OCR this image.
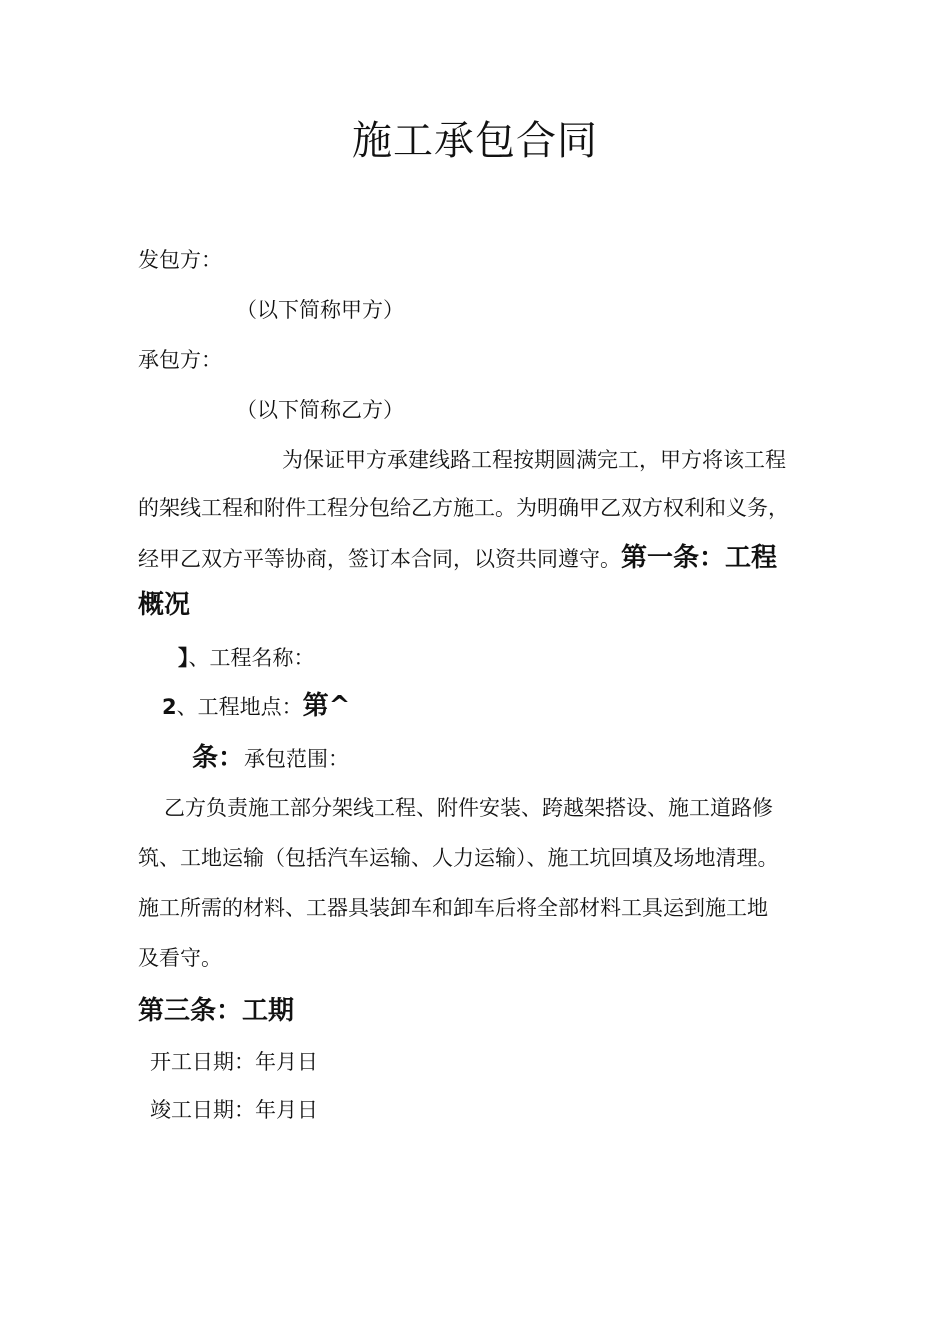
施工承包合同
发包方：
（以下简称甲方）
承包方：
（以下简称乙方）
为保证甲方承建线路工程按期圆满完工，甲方将该工程
的架线工程和附件工程分包给乙方施工。为明确甲乙双方权利和义务，
经甲乙双方平等协商，签订本合同，以资共同遵守。第一条：工程
概况
】、工程名称：
2、工程地点：第^
条：承包范围：
乙方负责施工部分架线工程、附件安装、跨越架搭设、施工道路修
筑、工地运输（包括汽车运输、人力运输）、施工坑回填及场地清理。
施工所需的材料、工器具装卸车和卸车后将全部材料工具运到施工地
及看守。
第三条：工期
开工日期：年月日
竣工日期：年月日
